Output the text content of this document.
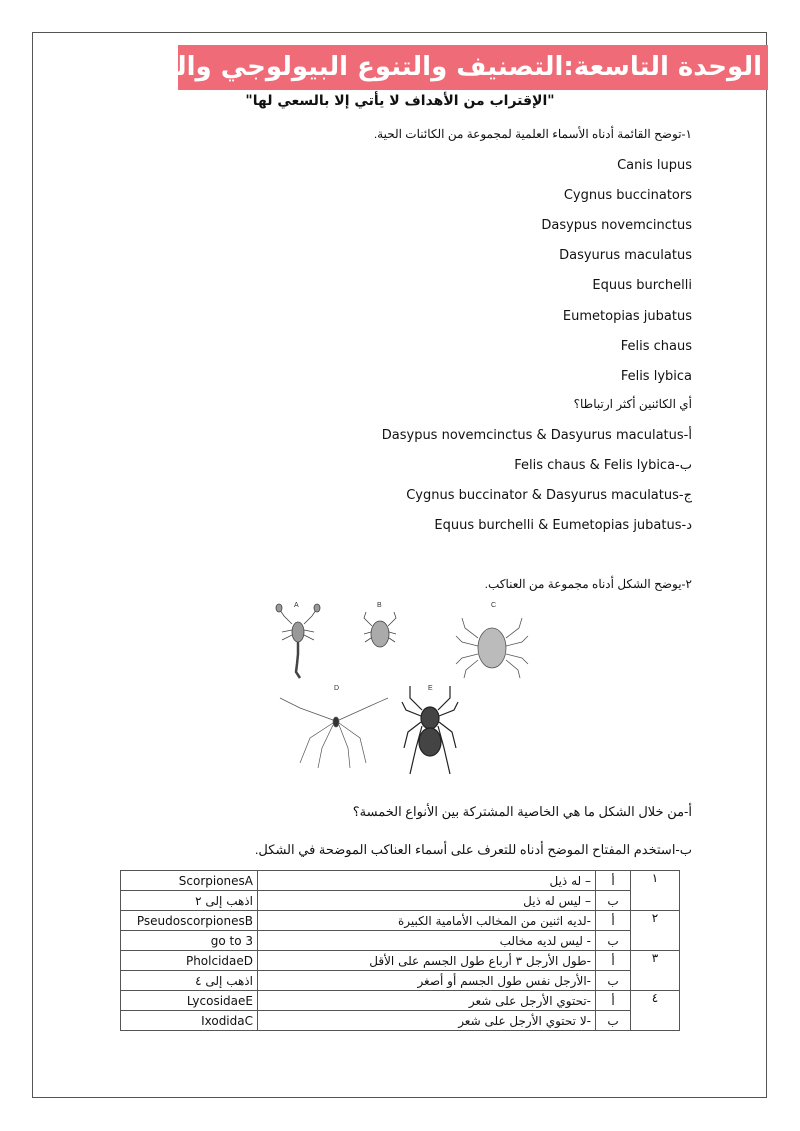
الوحدة التاسعة:التصنيف والتنوع البيولوجي والحفاظ عليه
"الإقتراب من الأهداف لا يأتي إلا بالسعي لها"
١-توضح القائمة أدناه الأسماء العلمية لمجموعة من الكائنات الحية.
Canis lupus
Cygnus buccinators
Dasypus novemcinctus
Dasyurus maculatus
Equus burchelli
Eumetopias jubatus
Felis chaus
Felis lybica
أي الكائنين أكثر ارتباطا؟
Dasypus novemcinctus & Dasyurus maculatus-أ
Felis chaus & Felis lybica-ب
Cygnus buccinator & Dasyurus maculatus-ج
Equus burchelli & Eumetopias jubatus-د
٢-يوضح الشكل أدناه مجموعة من العناكب.
A	B	C
D	E
أ-من خلال الشكل ما هي الخاصية المشتركة بين الأنواع الخمسة؟
ب-استخدم المفتاح الموضح أدناه للتعرف على أسماء العناكب الموضحة في الشكل.
ScorpionesA	– له ذيل	أ	١
اذهب إلى ٢	– ليس له ذيل	ب	
PseudoscorpionesB	-لديه اثنين من المخالب الأمامية الكبيرة	أ	٢
go to 3	- ليس لديه مخالب	ب	
PholcidaeD	-طول الأرجل ٣ أرباع طول الجسم على الأقل	أ	٣
اذهب إلى ٤	-الأرجل نفس طول الجسم أو أصغر	ب	
LycosidaeE	-تحتوي الأرجل على شعر	أ	٤
IxodidaC	-لا تحتوي الأرجل على شعر	ب	
